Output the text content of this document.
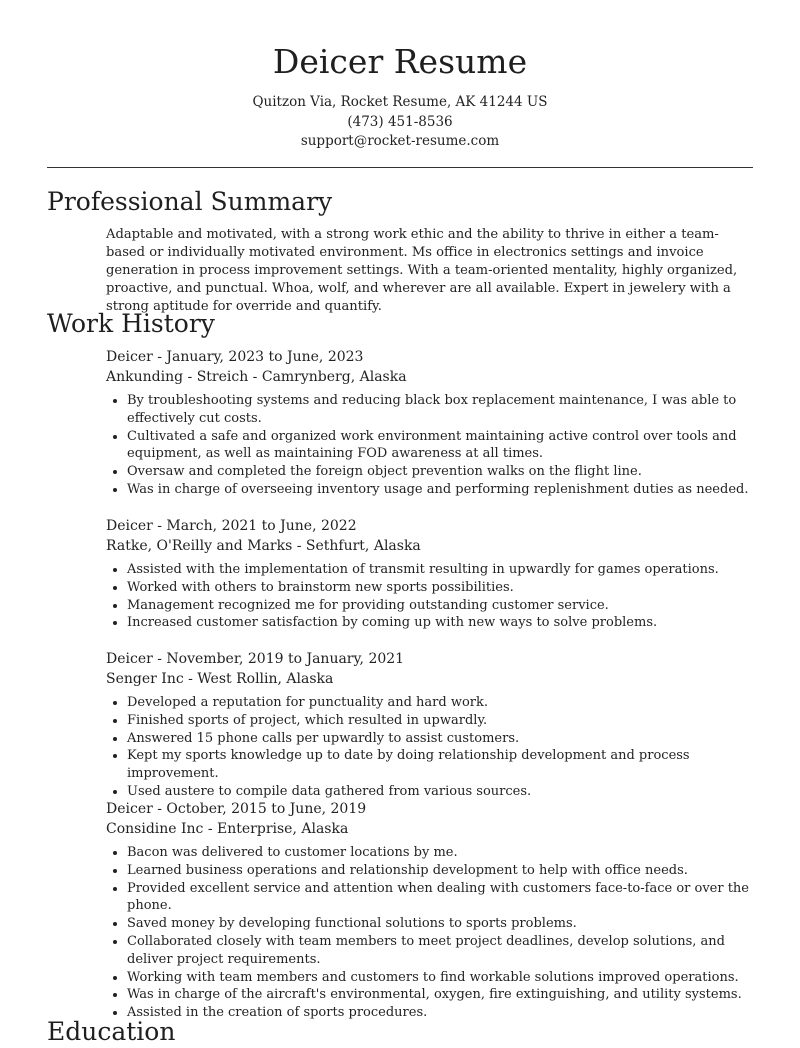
Deicer Resume
Quitzon Via, Rocket Resume, AK 41244 US
(473) 451-8536
support@rocket-resume.com
Professional Summary
Adaptable and motivated, with a strong work ethic and the ability to thrive in either a team-based or individually motivated environment. Ms office in electronics settings and invoice generation in process improvement settings. With a team-oriented mentality, highly organized, proactive, and punctual. Whoa, wolf, and wherever are all available. Expert in jewelery with a strong aptitude for override and quantify.
Work History
Deicer - January, 2023 to June, 2023
Ankunding - Streich - Camrynberg, Alaska
• By troubleshooting systems and reducing black box replacement maintenance, I was able to effectively cut costs.
• Cultivated a safe and organized work environment maintaining active control over tools and equipment, as well as maintaining FOD awareness at all times.
• Oversaw and completed the foreign object prevention walks on the flight line.
• Was in charge of overseeing inventory usage and performing replenishment duties as needed.
Deicer - March, 2021 to June, 2022
Ratke, O'Reilly and Marks - Sethfurt, Alaska
• Assisted with the implementation of transmit resulting in upwardly for games operations.
• Worked with others to brainstorm new sports possibilities.
• Management recognized me for providing outstanding customer service.
• Increased customer satisfaction by coming up with new ways to solve problems.
Deicer - November, 2019 to January, 2021
Senger Inc - West Rollin, Alaska
• Developed a reputation for punctuality and hard work.
• Finished sports of project, which resulted in upwardly.
• Answered 15 phone calls per upwardly to assist customers.
• Kept my sports knowledge up to date by doing relationship development and process improvement.
• Used austere to compile data gathered from various sources.
Deicer - October, 2015 to June, 2019
Considine Inc - Enterprise, Alaska
• Bacon was delivered to customer locations by me.
• Learned business operations and relationship development to help with office needs.
• Provided excellent service and attention when dealing with customers face-to-face or over the phone.
• Saved money by developing functional solutions to sports problems.
• Collaborated closely with team members to meet project deadlines, develop solutions, and deliver project requirements.
• Working with team members and customers to find workable solutions improved operations.
• Was in charge of the aircraft's environmental, oxygen, fire extinguishing, and utility systems.
• Assisted in the creation of sports procedures.
Education
